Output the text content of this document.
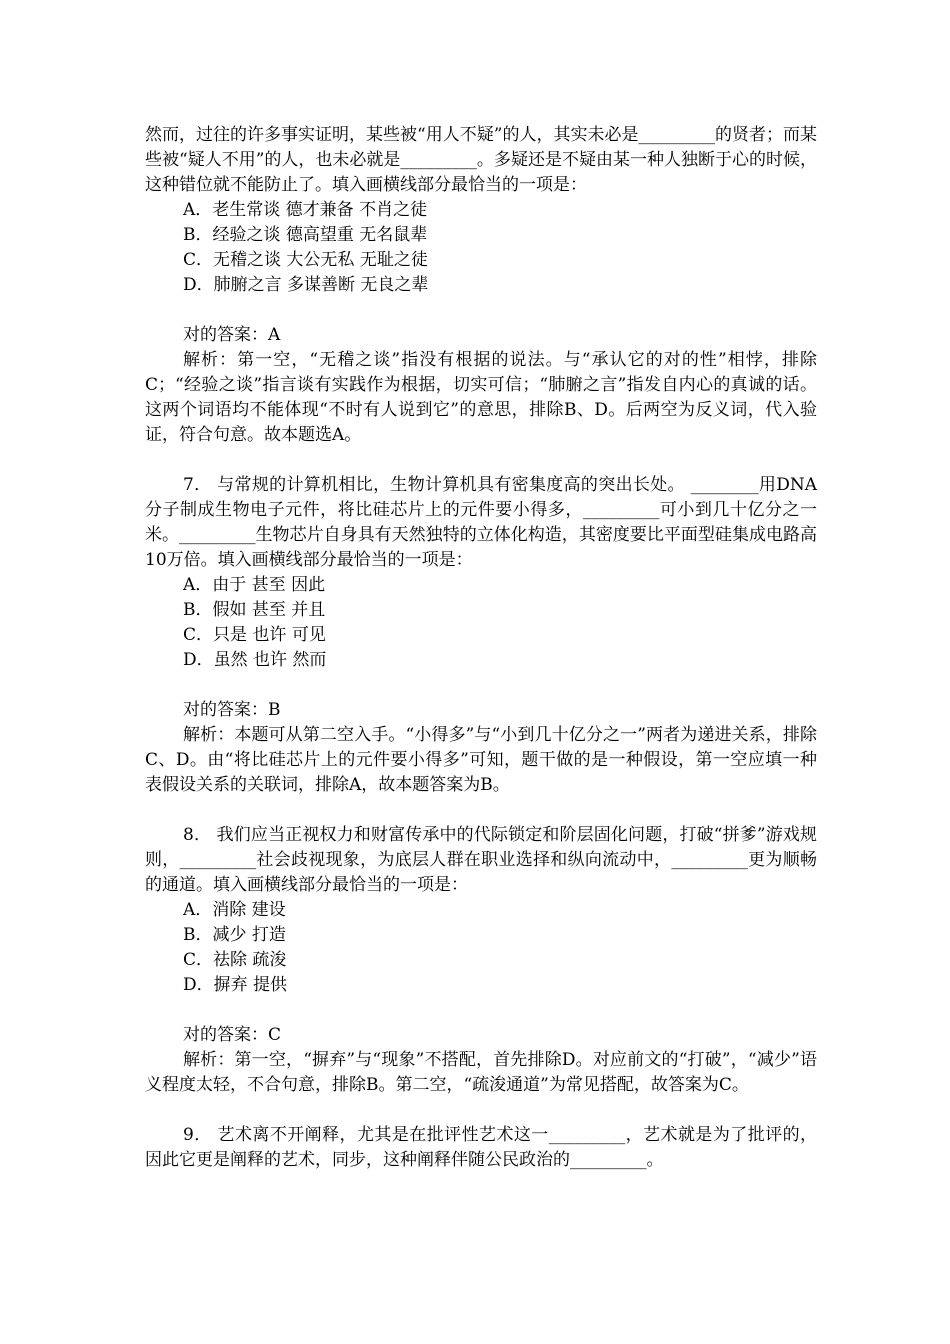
然而，过往的许多事实证明，某些被“用人不疑”的人，其实未必是_________的贤者；而某些被“疑人不用”的人，也未必就是_________。多疑还是不疑由某一种人独断于心的时候，这种错位就不能防止了。填入画横线部分最恰当的一项是：

A．老生常谈 德才兼备 不肖之徒

B．经验之谈 德高望重 无名鼠辈

C．无稽之谈 大公无私 无耻之徒

D．肺腑之言 多谋善断 无良之辈

对的答案：A

解析：第一空，“无稽之谈”指没有根据的说法。与“承认它的对的性”相悖，排除C；“经验之谈”指言谈有实践作为根据，切实可信；“肺腑之言”指发自内心的真诚的话。这两个词语均不能体现“不时有人说到它”的意思，排除B、D。后两空为反义词，代入验证，符合句意。故本题选A。

7． 与常规的计算机相比，生物计算机具有密集度高的突出长处。 ________用DNA分子制成生物电子元件，将比硅芯片上的元件要小得多，_________可小到几十亿分之一米。_________生物芯片自身具有天然独特的立体化构造，其密度要比平面型硅集成电路高10万倍。填入画横线部分最恰当的一项是：

A．由于 甚至 因此

B．假如 甚至 并且

C．只是 也许 可见

D．虽然 也许 然而

对的答案：B

解析：本题可从第二空入手。“小得多”与“小到几十亿分之一”两者为递进关系，排除C、D。由“将比硅芯片上的元件要小得多”可知，题干做的是一种假设，第一空应填一种表假设关系的关联词，排除A，故本题答案为B。

8． 我们应当正视权力和财富传承中的代际锁定和阶层固化问题，打破“拼爹”游戏规则，_________社会歧视现象，为底层人群在职业选择和纵向流动中，_________更为顺畅的通道。填入画横线部分最恰当的一项是：

A．消除 建设

B．减少 打造

C．祛除 疏浚

D．摒弃 提供

对的答案：C

解析：第一空，“摒弃”与“现象”不搭配，首先排除D。对应前文的“打破”，“减少”语义程度太轻，不合句意，排除B。第二空，“疏浚通道”为常见搭配，故答案为C。

9． 艺术离不开阐释，尤其是在批评性艺术这一_________，艺术就是为了批评的，因此它更是阐释的艺术，同步，这种阐释伴随公民政治的_________。
